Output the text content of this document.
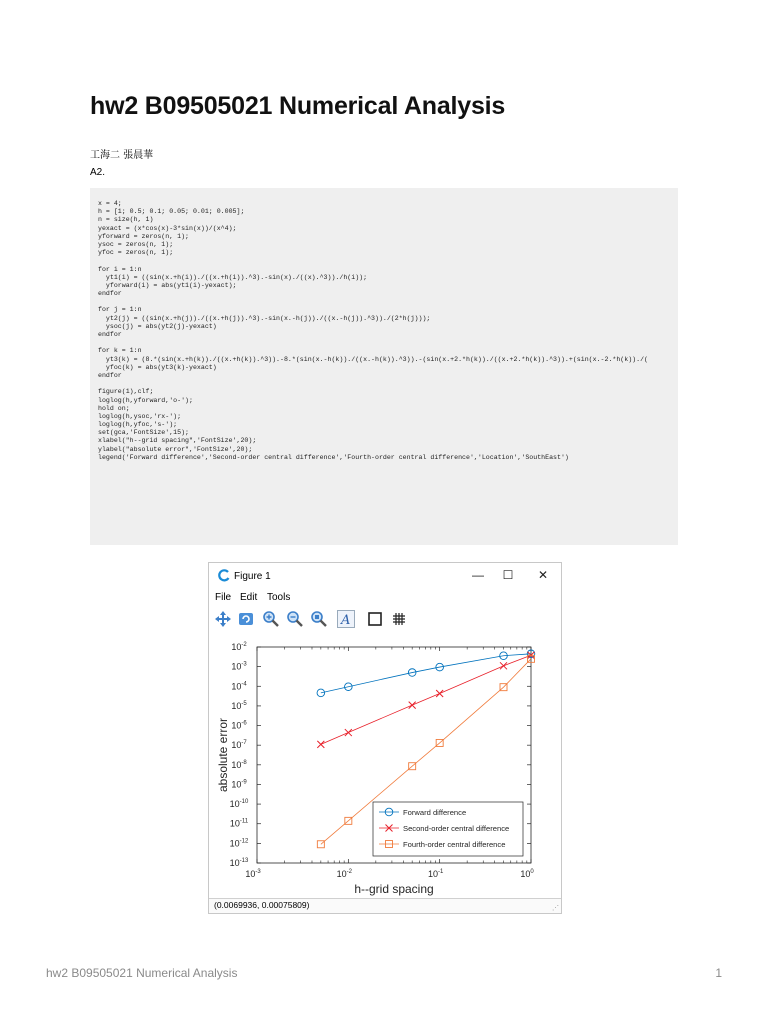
hw2 B09505021 Numerical Analysis
工海二 張晨華
A2.
x = 4;
h = [1; 0.5; 0.1; 0.05; 0.01; 0.005];
n = size(h, 1)
yexact = (x*cos(x)-3*sin(x))/(x^4);
yforward = zeros(n, 1);
ysoc = zeros(n, 1);
yfoc = zeros(n, 1);
for i = 1:n
yt1(i) = ((sin(x.+h(i))./((x.+h(i)).^3).-sin(x)./((x).^3))./h(i));
yforward(i) = abs(yt1(i)-yexact);
endfor
for j = 1:n
yt2(j) = ((sin(x.+h(j))./((x.+h(j)).^3).-sin(x.-h(j))./((x.-h(j)).^3))./(2*h(j)));
ysoc(j) = abs(yt2(j)-yexact)
endfor
for k = 1:n
yt3(k) = (8.*(sin(x.+h(k))./((x.+h(k)).^3)).-8.*(sin(x.-h(k))./((x.-h(k)).^3)).-(sin(x.+2.*h(k))./((x.+2.*h(k)).^3)).+(sin(x.-2.*h(k))./(
yfoc(k) = abs(yt3(k)-yexact)
endfor
figure(1),clf;
loglog(h,yforward,'o-');
hold on;
loglog(h,ysoc,'rx-');
loglog(h,yfoc,'s-');
set(gca,'FontSize',15);
xlabel("h--grid spacing",'FontSize',20);
ylabel("absolute error",'FontSize',20);
legend('Forward difference','Second-order central difference','Fourth-order central difference','Location','SouthEast')
Figure 1	—	☐	✕
File Edit Tools
A
$10^{-3}$	$10^{-2}$	$10^{-1}$	$10^0$
$10^{-2}$
$10^{-3}$
$10^{-4}$
$10^{-5}$
$10^{-6}$
$10^{-7}$
$10^{-8}$
$10^{-9}$
$10^{-10}$
$10^{-11}$
$10^{-12}$
$10^{-13}$
h--grid spacing
absolute error
Forward difference
Second-order central difference
Fourth-order central difference
(0.0069936, 0.00075809)	⋰
hw2 B09505021 Numerical Analysis	1
